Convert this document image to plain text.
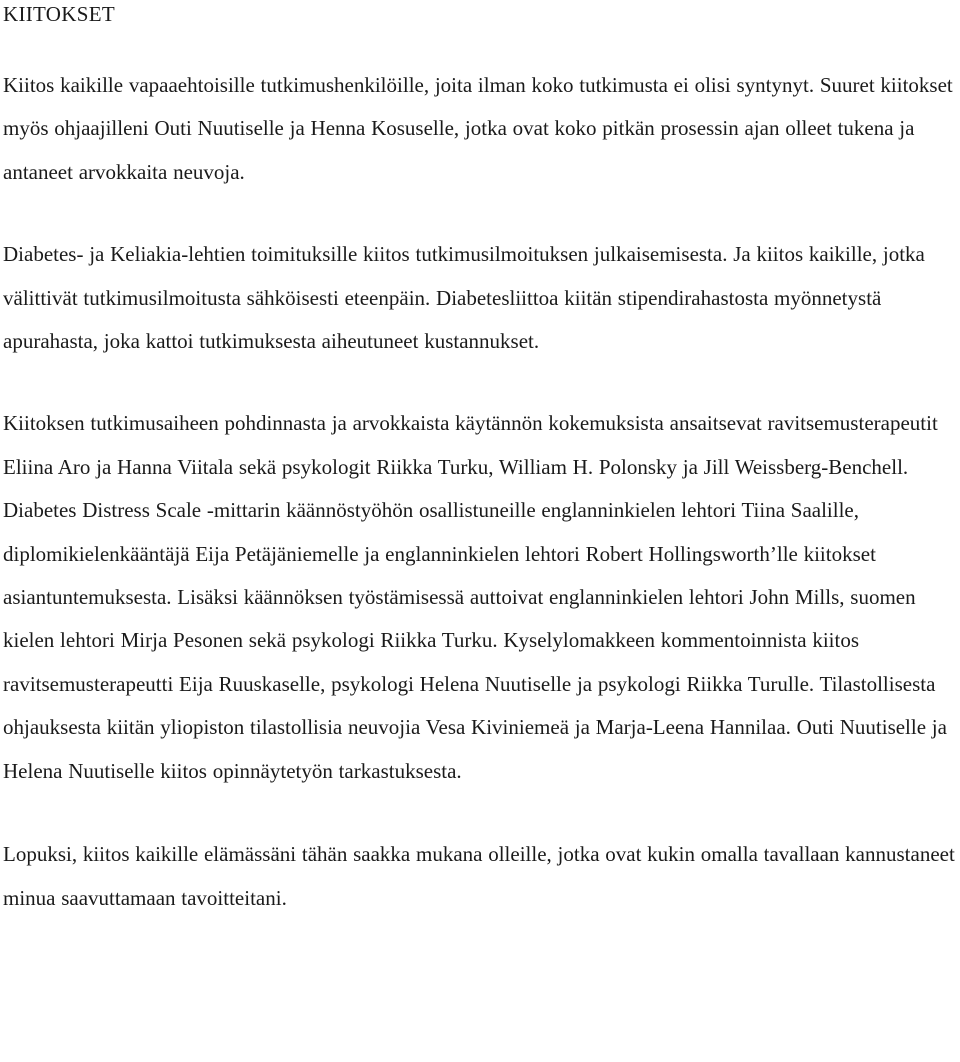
KIITOKSET

Kiitos kaikille vapaaehtoisille tutkimushenkilöille, joita ilman koko tutkimusta ei olisi syntynyt. Suuret kiitokset myös ohjaajilleni Outi Nuutiselle ja Henna Kosuselle, jotka ovat koko pitkän prosessin ajan olleet tukena ja antaneet arvokkaita neuvoja.

Diabetes- ja Keliakia-lehtien toimituksille kiitos tutkimusilmoituksen julkaisemisesta. Ja kiitos kaikille, jotka välittivät tutkimusilmoitusta sähköisesti eteenpäin. Diabetesliittoa kiitän stipendirahastosta myönnetystä apurahasta, joka kattoi tutkimuksesta aiheutuneet kustannukset.

Kiitoksen tutkimusaiheen pohdinnasta ja arvokkaista käytännön kokemuksista ansaitsevat ravitsemusterapeutit Eliina Aro ja Hanna Viitala sekä psykologit Riikka Turku, William H. Polonsky ja Jill Weissberg-Benchell. Diabetes Distress Scale -mittarin käännöstyöhön osallistuneille englanninkielen lehtori Tiina Saalille, diplomikielenkääntäjä Eija Petäjäniemelle ja englanninkielen lehtori Robert Hollingsworth’lle kiitokset asiantuntemuksesta. Lisäksi käännöksen työstämisessä auttoivat englanninkielen lehtori John Mills, suomen kielen lehtori Mirja Pesonen sekä psykologi Riikka Turku. Kyselylomakkeen kommentoinnista kiitos ravitsemusterapeutti Eija Ruuskaselle, psykologi Helena Nuutiselle ja psykologi Riikka Turulle. Tilastollisesta ohjauksesta kiitän yliopiston tilastollisia neuvojia Vesa Kiviniemeä ja Marja-Leena Hannilaa. Outi Nuutiselle ja Helena Nuutiselle kiitos opinnäytetyön tarkastuksesta.

Lopuksi, kiitos kaikille elämässäni tähän saakka mukana olleille, jotka ovat kukin omalla tavallaan kannustaneet minua saavuttamaan tavoitteitani.
